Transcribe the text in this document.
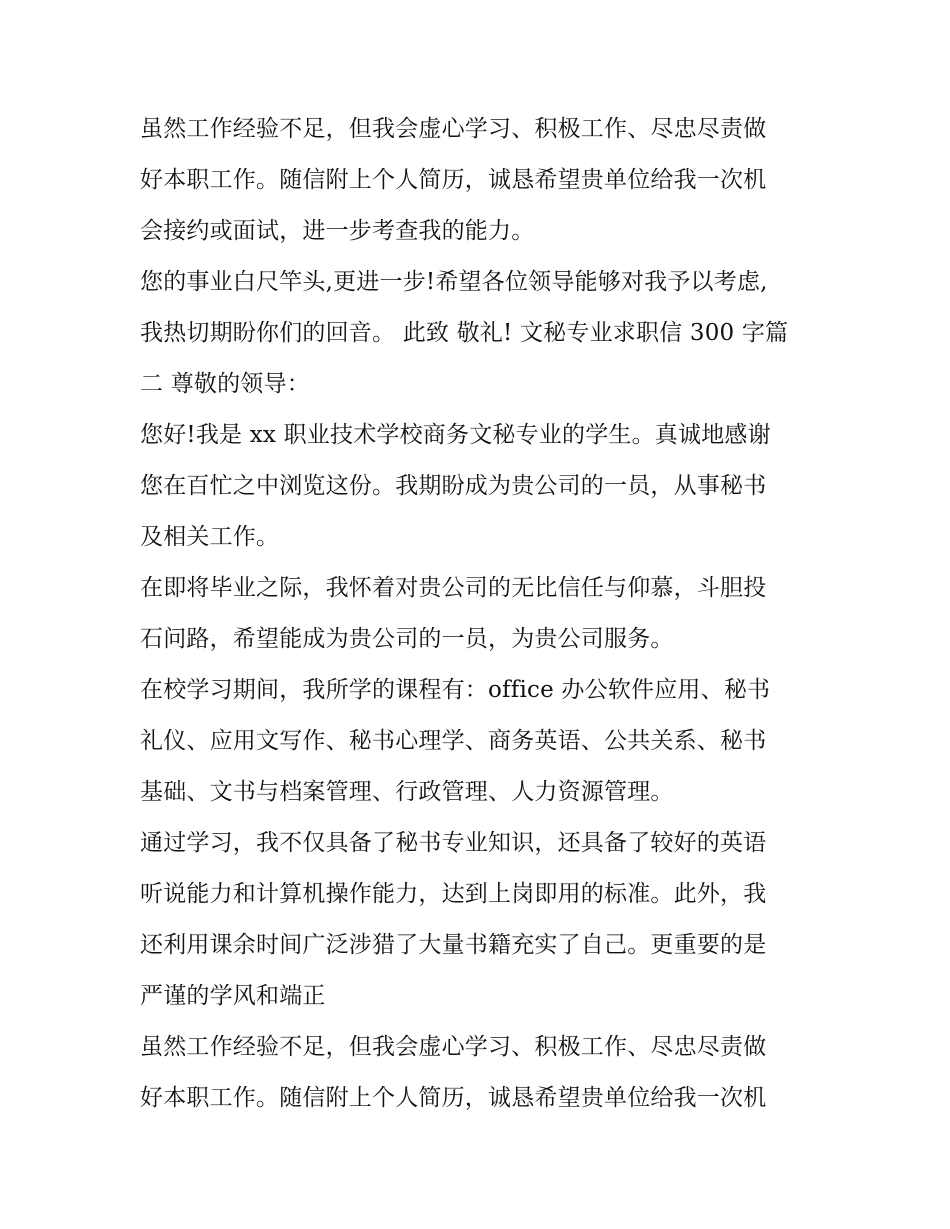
虽然工作经验不足，但我会虚心学习、积极工作、尽忠尽责做
好本职工作。随信附上个人简历，诚恳希望贵单位给我一次机
会接约或面试，进一步考查我的能力。
您的事业白尺竿头,更进一步!希望各位领导能够对我予以考虑,
我热切期盼你们的回音。 此致 敬礼! 文秘专业求职信 300 字篇
二 尊敬的领导：
您好!我是 xx 职业技术学校商务文秘专业的学生。真诚地感谢
您在百忙之中浏览这份。我期盼成为贵公司的一员，从事秘书
及相关工作。
在即将毕业之际，我怀着对贵公司的无比信任与仰慕，斗胆投
石问路，希望能成为贵公司的一员，为贵公司服务。
在校学习期间，我所学的课程有：office 办公软件应用、秘书
礼仪、应用文写作、秘书心理学、商务英语、公共关系、秘书
基础、文书与档案管理、行政管理、人力资源管理。
通过学习，我不仅具备了秘书专业知识，还具备了较好的英语
听说能力和计算机操作能力，达到上岗即用的标准。此外，我
还利用课余时间广泛涉猎了大量书籍充实了自己。更重要的是
严谨的学风和端正
虽然工作经验不足，但我会虚心学习、积极工作、尽忠尽责做
好本职工作。随信附上个人简历，诚恳希望贵单位给我一次机
